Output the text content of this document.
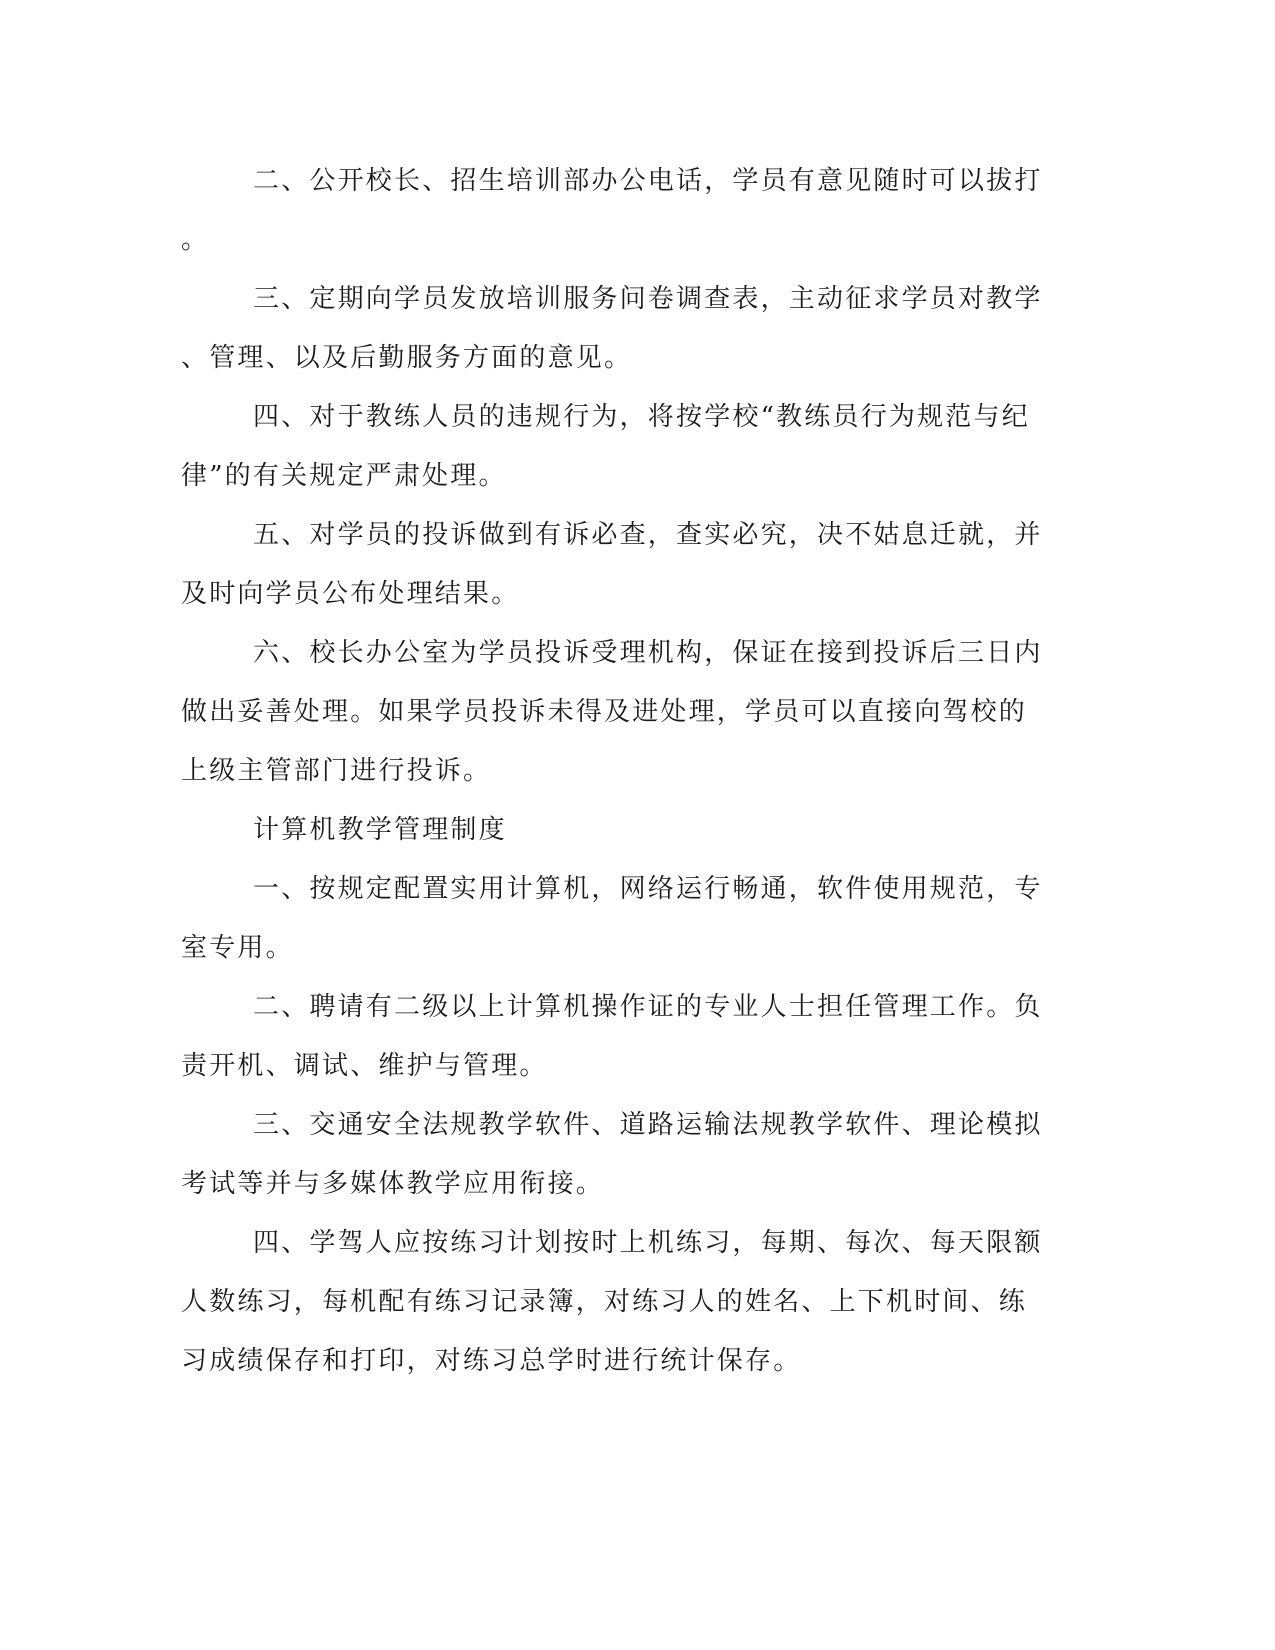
二、公开校长、招生培训部办公电话，学员有意见随时可以拔打
。
三、定期向学员发放培训服务问卷调查表，主动征求学员对教学
、管理、以及后勤服务方面的意见。
四、对于教练人员的违规行为，将按学校“教练员行为规范与纪
律”的有关规定严肃处理。
五、对学员的投诉做到有诉必查，查实必究，决不姑息迁就，并
及时向学员公布处理结果。
六、校长办公室为学员投诉受理机构，保证在接到投诉后三日内
做出妥善处理。如果学员投诉未得及进处理，学员可以直接向驾校的
上级主管部门进行投诉。
计算机教学管理制度
一、按规定配置实用计算机，网络运行畅通，软件使用规范，专
室专用。
二、聘请有二级以上计算机操作证的专业人士担任管理工作。负
责开机、调试、维护与管理。
三、交通安全法规教学软件、道路运输法规教学软件、理论模拟
考试等并与多媒体教学应用衔接。
四、学驾人应按练习计划按时上机练习，每期、每次、每天限额
人数练习，每机配有练习记录簿，对练习人的姓名、上下机时间、练
习成绩保存和打印，对练习总学时进行统计保存。
